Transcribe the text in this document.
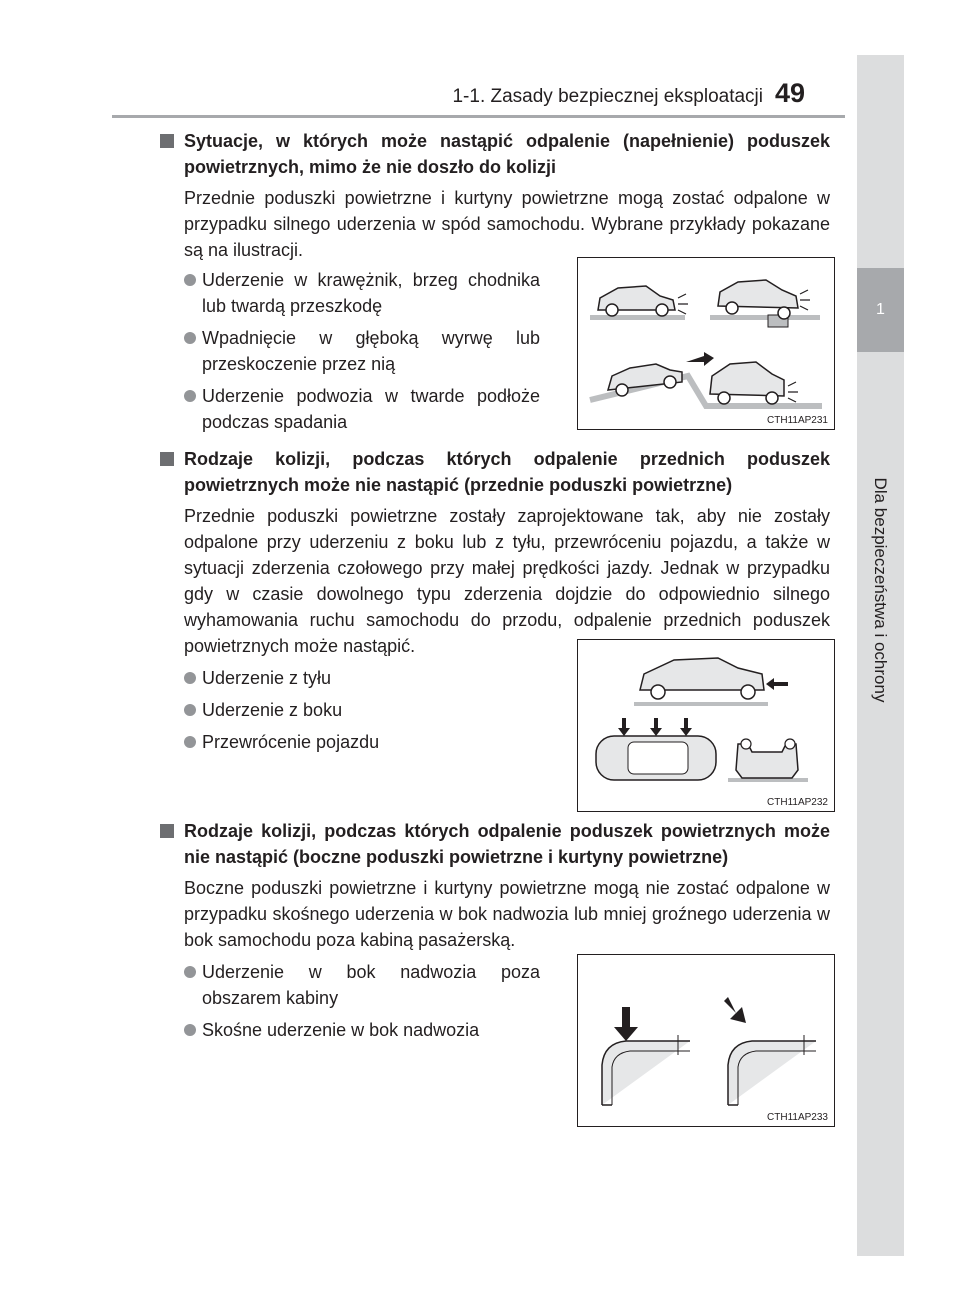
1-1. Zasady bezpiecznej eksploatacji 49
1
Dla bezpieczeństwa i ochrony
Sytuacje, w których może nastąpić odpalenie (napełnienie) poduszek powietrznych, mimo że nie doszło do kolizji
Przednie poduszki powietrzne i kurtyny powietrzne mogą zostać odpalone w przypadku silnego uderzenia w spód samochodu. Wybrane przykłady pokazane są na ilustracji.
Uderzenie w krawężnik, brzeg chodnika lub twardą przeszkodę
Wpadnięcie w głęboką wyrwę lub przeskoczenie przez nią
Uderzenie podwozia w twarde podłoże podczas spadania	CTH11AP231
Rodzaje kolizji, podczas których odpalenie przednich poduszek powietrznych może nie nastąpić (przednie poduszki powietrzne)
Przednie poduszki powietrzne zostały zaprojektowane tak, aby nie zostały odpalone przy uderzeniu z boku lub z tyłu, przewróceniu pojazdu, a także w sytuacji zderzenia czołowego przy małej prędkości jazdy. Jednak w przypadku gdy w czasie dowolnego typu zderzenia dojdzie do odpowiednio silnego wyhamowania ruchu samochodu do przodu, odpalenie przednich poduszek powietrznych może nastąpić.
Uderzenie z tyłu
Uderzenie z boku
Przewrócenie pojazdu
CTH11AP232
Rodzaje kolizji, podczas których odpalenie poduszek powietrznych może nie nastąpić (boczne poduszki powietrzne i kurtyny powietrzne)
Boczne poduszki powietrzne i kurtyny powietrzne mogą nie zostać odpalone w przypadku skośnego uderzenia w bok nadwozia lub mniej groźnego uderzenia w bok samochodu poza kabiną pasażerską.
Uderzenie w bok nadwozia poza obszarem kabiny
Skośne uderzenie w bok nadwozia
CTH11AP233
